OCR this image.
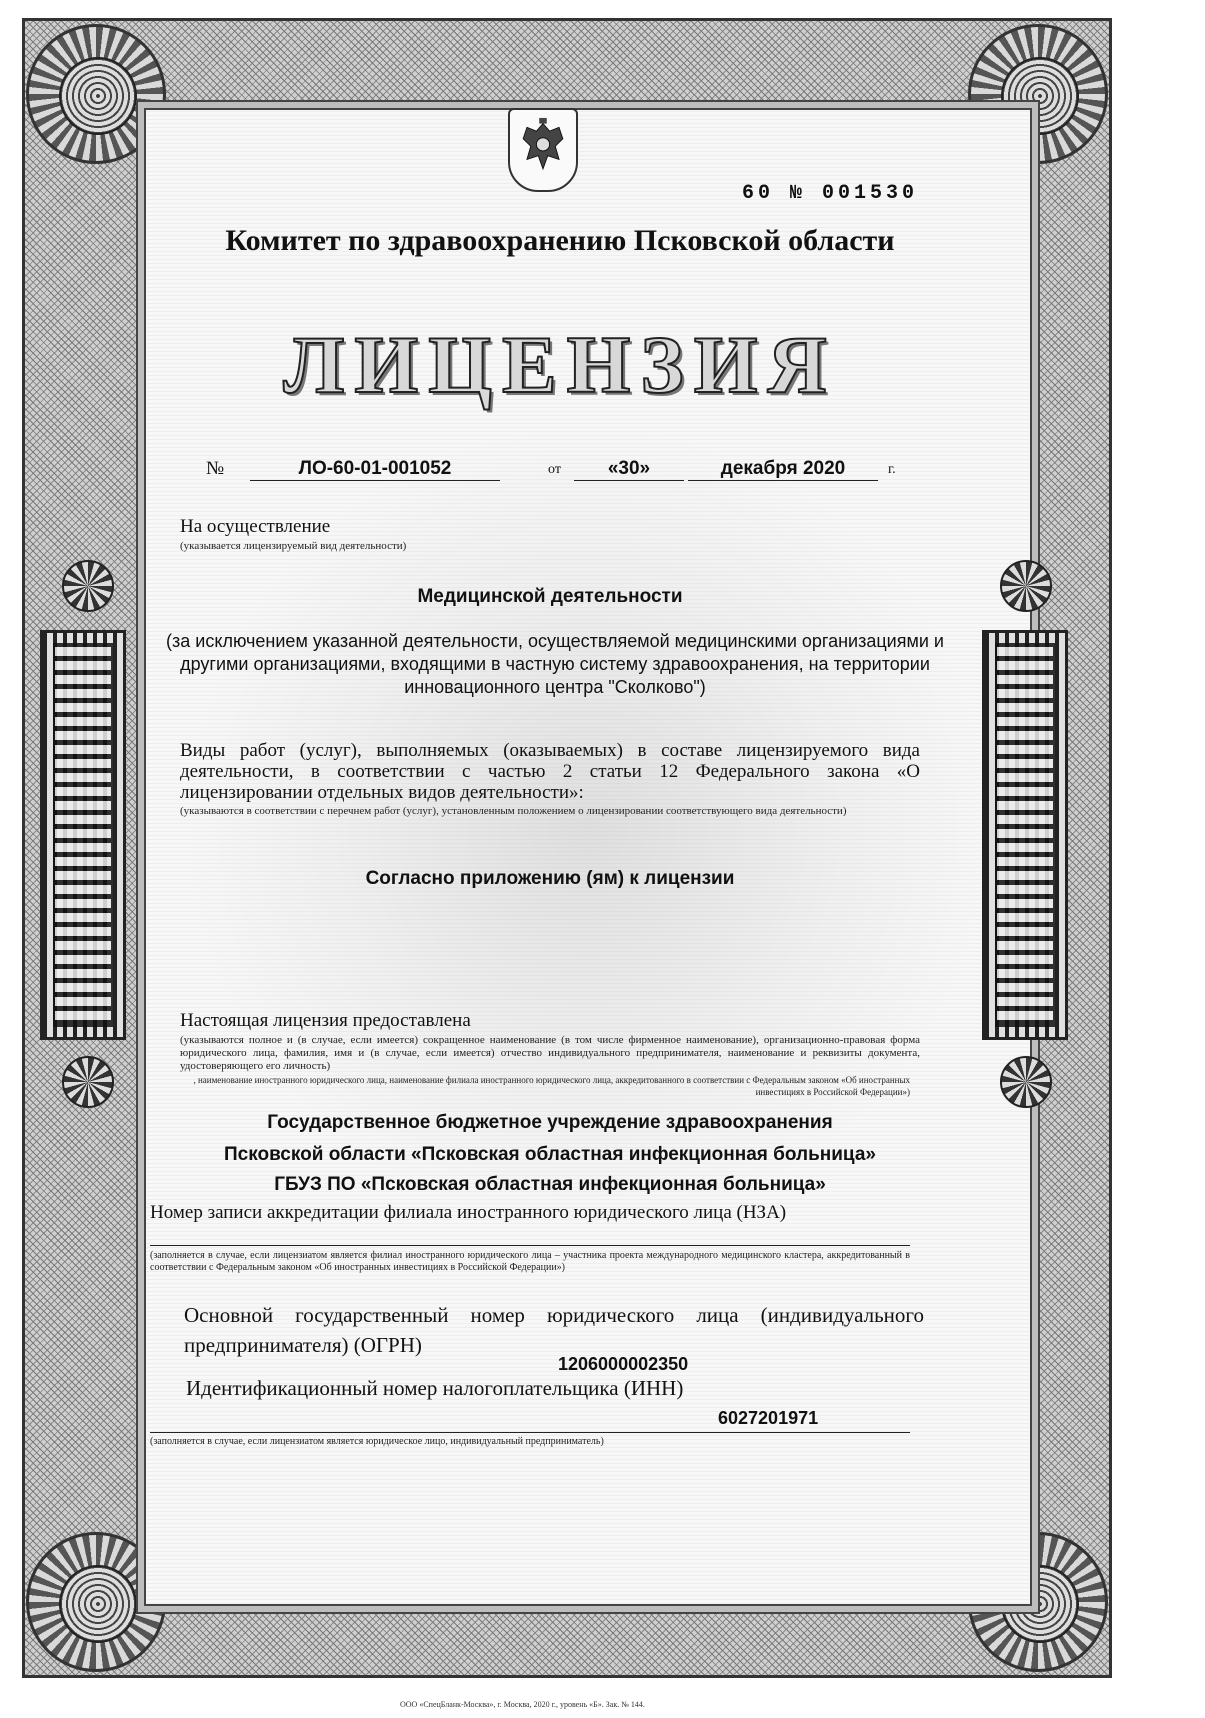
60 № 001530
Комитет по здравоохранению Псковской области
ЛИЦЕНЗИЯ
№	ЛО-60-01-001052	от	«30»	декабря 2020	г.
На осуществление
(указывается лицензируемый вид деятельности)
Медицинской деятельности
(за исключением указанной деятельности, осуществляемой медицинскими организациями и другими организациями, входящими в частную систему здравоохранения, на территории инновационного центра "Сколково")
Виды работ (услуг), выполняемых (оказываемых) в составе лицензируемого вида деятельности, в соответствии с частью 2 статьи 12 Федерального закона «О лицензировании отдельных видов деятельности»:
(указываются в соответствии с перечнем работ (услуг), установленным положением о лицензировании соответствующего вида деятельности)
Согласно приложению (ям) к лицензии
Настоящая лицензия предоставлена
(указываются полное и (в случае, если имеется) сокращенное наименование (в том числе фирменное наименование), организационно-правовая форма юридического лица, фамилия, имя и (в случае, если имеется) отчество индивидуального предпринимателя, наименование и реквизиты документа, удостоверяющего его личность)
, наименование иностранного юридического лица, наименование филиала иностранного юридического лица, аккредитованного в соответствии с Федеральным законом «Об иностранных инвестициях в Российской Федерации»)
Государственное бюджетное учреждение здравоохранения
Псковской области «Псковская областная инфекционная больница»
ГБУЗ ПО «Псковская областная инфекционная больница»
Номер записи аккредитации филиала иностранного юридического лица (НЗА)
(заполняется в случае, если лицензиатом является филиал иностранного юридического лица – участника проекта международного медицинского кластера, аккредитованный в соответствии с Федеральным законом «Об иностранных инвестициях в Российской Федерации»)
Основной государственный номер юридического лица (индивидуального предпринимателя) (ОГРН)
1206000002350
Идентификационный номер налогоплательщика (ИНН)
6027201971
(заполняется в случае, если лицензиатом является юридическое лицо, индивидуальный предприниматель)
ООО «СпецБланк-Москва», г. Москва, 2020 г., уровень «Б». Зак. № 144.
